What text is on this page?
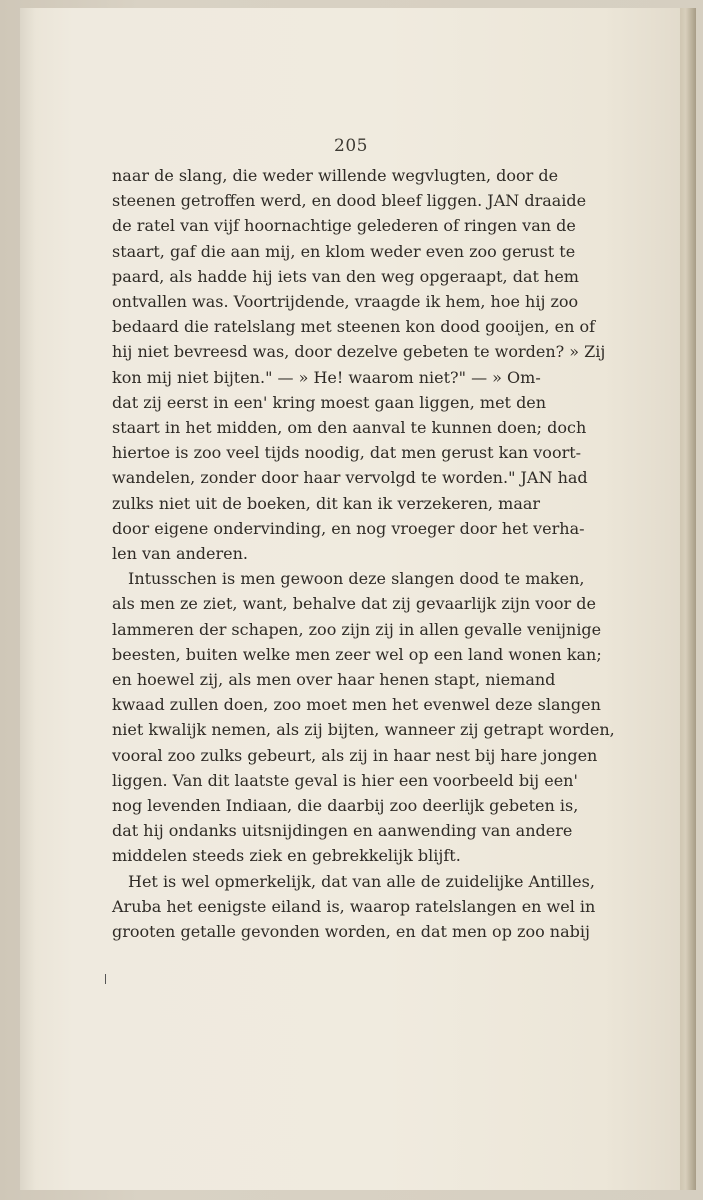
205
naar de slang, die weder willende wegvlugten, door de
steenen getroffen werd, en dood bleef liggen. JAN draaide
de ratel van vijf hoornachtige gelederen of ringen van de
staart, gaf die aan mij, en klom weder even zoo gerust te
paard, als hadde hij iets van den weg opgeraapt, dat hem
ontvallen was. Voortrijdende, vraagde ik hem, hoe hij zoo
bedaard die ratelslang met steenen kon dood gooijen, en of
hij niet bevreesd was, door dezelve gebeten te worden? » Zij
kon mij niet bijten." — » He! waarom niet?" — » Om-
dat zij eerst in een' kring moest gaan liggen, met den
staart in het midden, om den aanval te kunnen doen; doch
hiertoe is zoo veel tijds noodig, dat men gerust kan voort-
wandelen, zonder door haar vervolgd te worden." JAN had
zulks niet uit de boeken, dit kan ik verzekeren, maar
door eigene ondervinding, en nog vroeger door het verha-
len van anderen.
Intusschen is men gewoon deze slangen dood te maken,
als men ze ziet, want, behalve dat zij gevaarlijk zijn voor de
lammeren der schapen, zoo zijn zij in allen gevalle venijnige
beesten, buiten welke men zeer wel op een land wonen kan;
en hoewel zij, als men over haar henen stapt, niemand
kwaad zullen doen, zoo moet men het evenwel deze slangen
niet kwalijk nemen, als zij bijten, wanneer zij getrapt worden,
vooral zoo zulks gebeurt, als zij in haar nest bij hare jongen
liggen. Van dit laatste geval is hier een voorbeeld bij een'
nog levenden Indiaan, die daarbij zoo deerlijk gebeten is,
dat hij ondanks uitsnijdingen en aanwending van andere
middelen steeds ziek en gebrekkelijk blijft.
Het is wel opmerkelijk, dat van alle de zuidelijke Antilles,
Aruba het eenigste eiland is, waarop ratelslangen en wel in
grooten getalle gevonden worden, en dat men op zoo nabij
